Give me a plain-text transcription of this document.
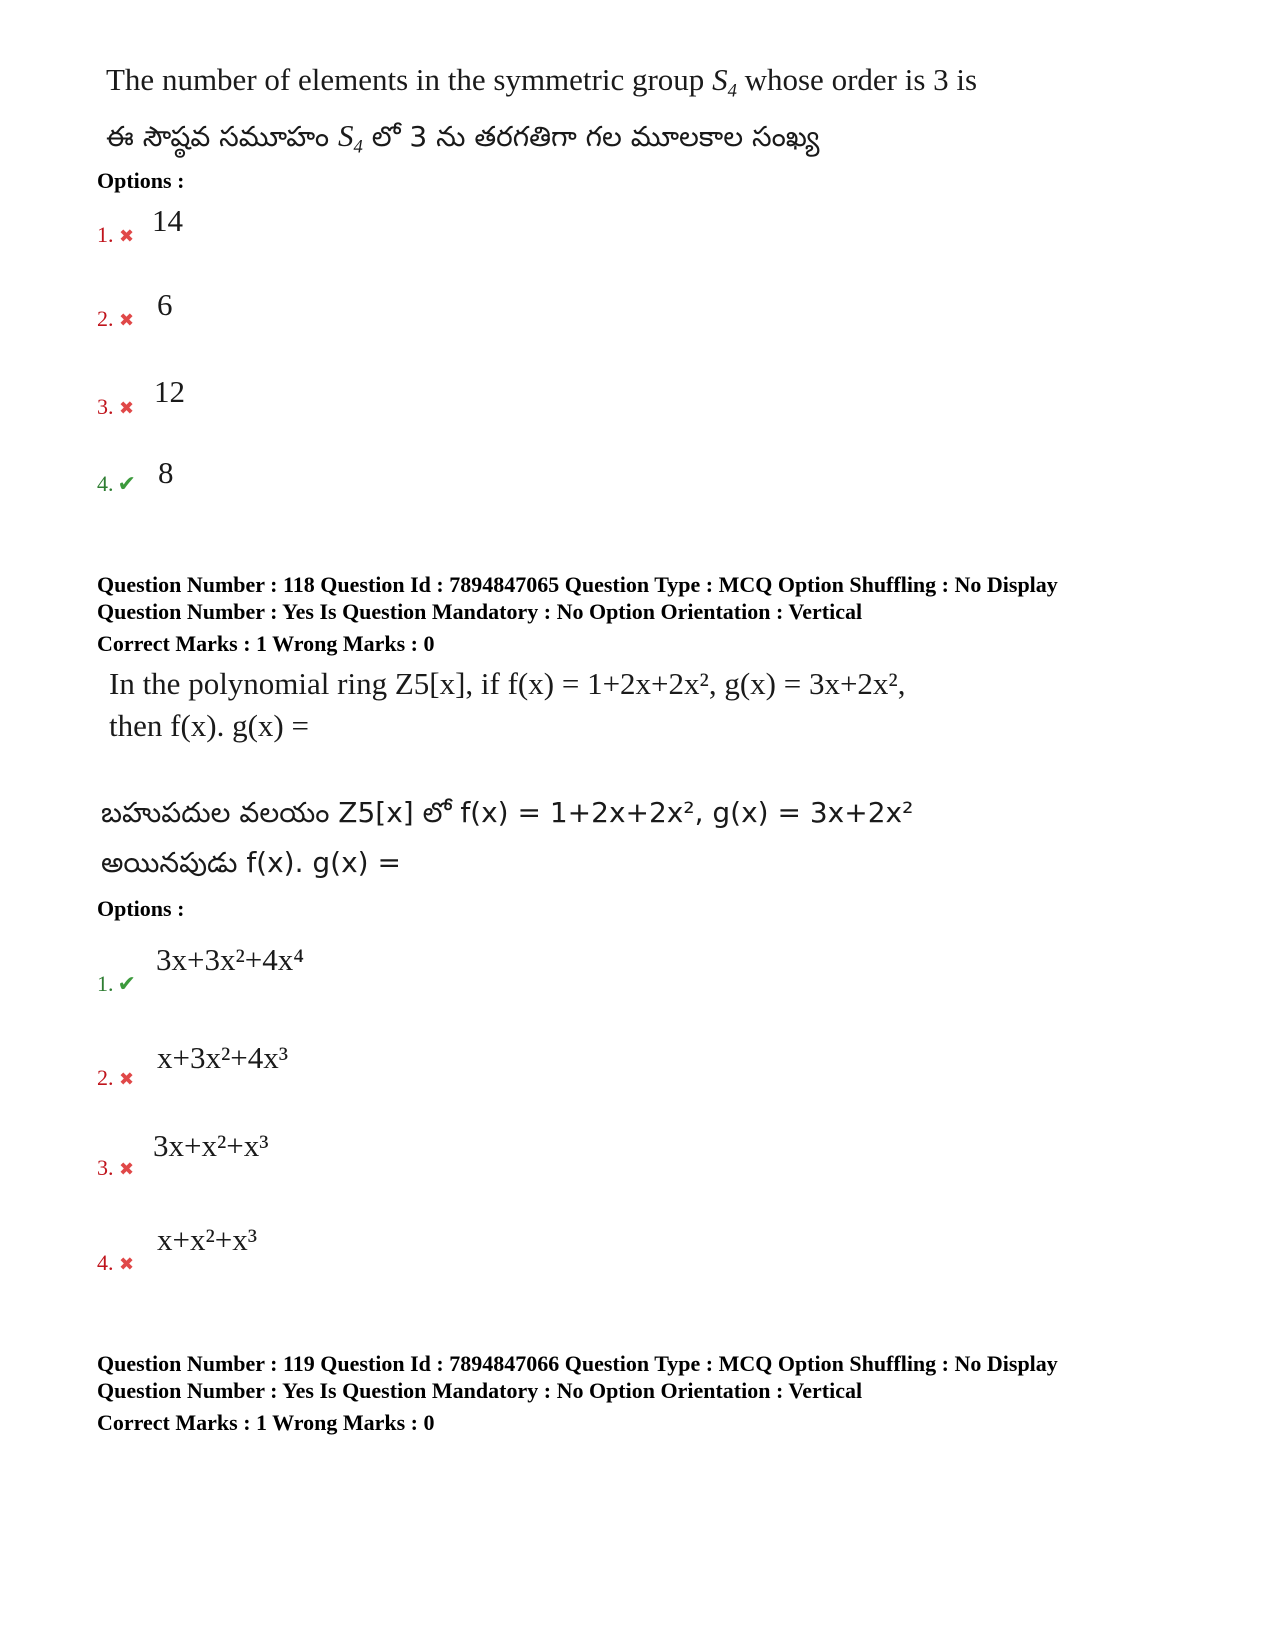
The number of elements in the symmetric group $S_4$ whose order is 3 is
ఈ సౌష్ఠవ సమూహం $S_4$ లో 3 ను తరగతిగా గల మూలకాల సంఖ్య
Options :
1. ✖ 14
2. ✖ 6
3. ✖ 12
4. ✔ 8
Question Number : 118 Question Id : 7894847065 Question Type : MCQ Option Shuffling : No Display
Question Number : Yes Is Question Mandatory : No Option Orientation : Vertical
Correct Marks : 1 Wrong Marks : 0
In the polynomial ring Z5[x], if f(x) = 1+2x+2x², g(x) = 3x+2x²,
then f(x). g(x) =
బహుపదుల వలయం Z5[x] లో f(x) = 1+2x+2x², g(x) = 3x+2x²
అయినపుడు f(x). g(x) =
Options :
1. ✔
3x+3x²+4x⁴
2. ✖
x+3x²+4x³
3. ✖
3x+x²+x³
4. ✖
x+x²+x³
Question Number : 119 Question Id : 7894847066 Question Type : MCQ Option Shuffling : No Display
Question Number : Yes Is Question Mandatory : No Option Orientation : Vertical
Correct Marks : 1 Wrong Marks : 0
